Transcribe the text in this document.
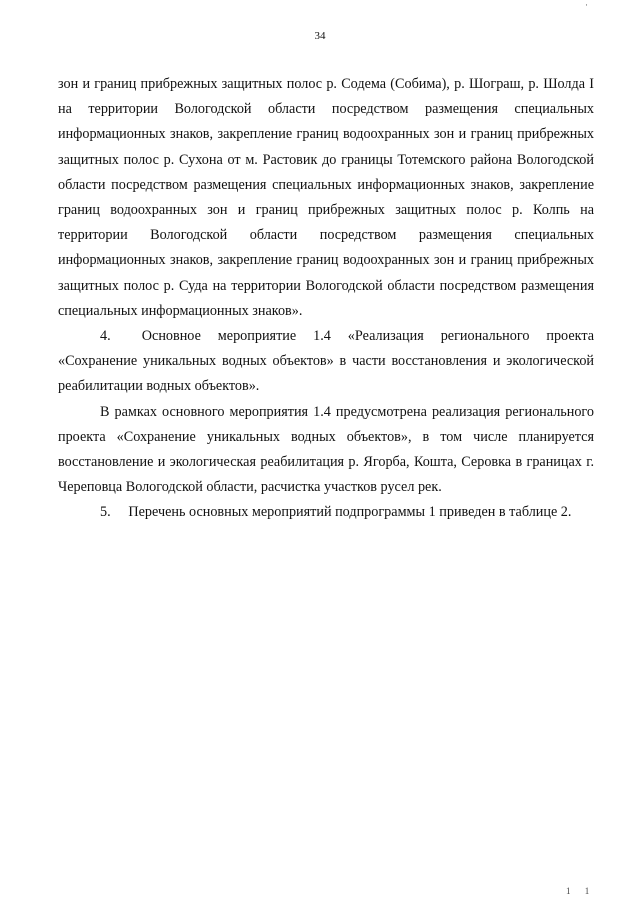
·
34

зон и границ прибрежных защитных полос р. Содема (Собима), р. Шограш, р. Шолда I на территории Вологодской области посредством размещения специальных информационных знаков, закрепление границ водоохранных зон и границ прибрежных защитных полос р. Сухона от м. Растовик до границы Тотемского района Вологодской области посредством размещения специальных информационных знаков, закрепление границ водоохранных зон и границ прибрежных защитных полос р. Колпь на территории Вологодской области посредством размещения специальных информационных знаков, закрепление границ водоохранных зон и границ прибрежных защитных полос р. Суда на территории Вологодской области посредством размещения специальных информационных знаков».

4.  Основное мероприятие 1.4 «Реализация регионального проекта «Сохранение уникальных водных объектов» в части восстановления и экологической реабилитации водных объектов».

В рамках основного мероприятия 1.4 предусмотрена реализация регионального проекта «Сохранение уникальных водных объектов», в том числе планируется восстановление и экологическая реабилитация р. Ягорба, Кошта, Серовка в границах г. Череповца Вологодской области, расчистка участков русел рек.

5.  Перечень основных мероприятий подпрограммы 1 приведен в таблице 2.

1 1
